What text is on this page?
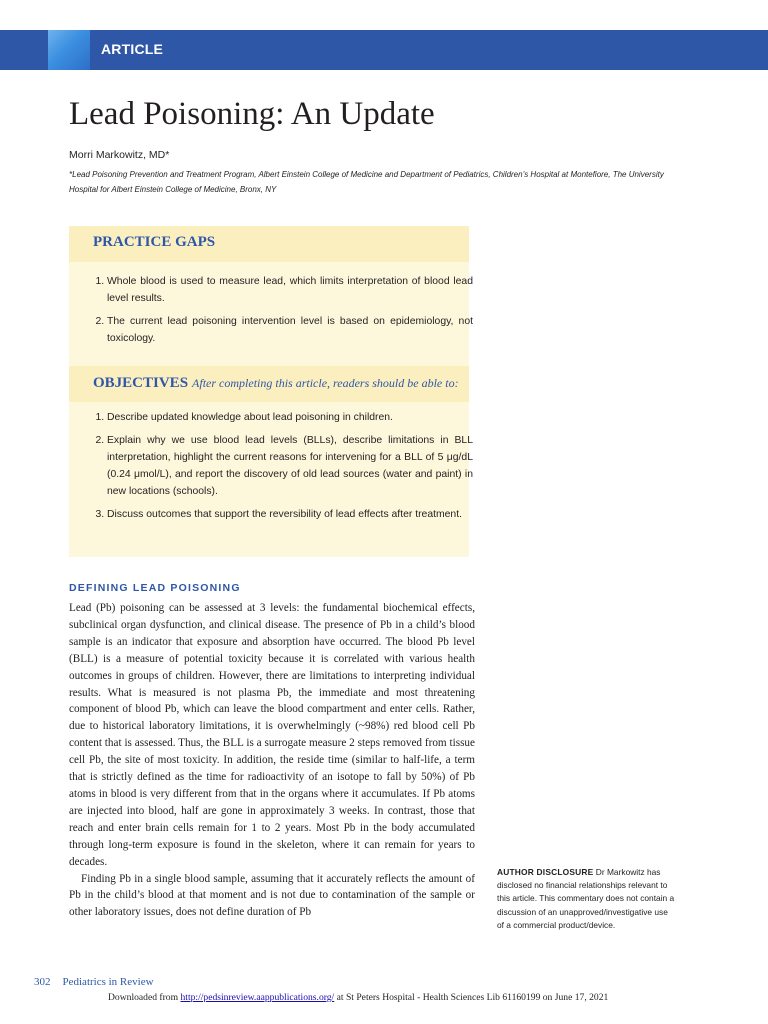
ARTICLE
Lead Poisoning: An Update
Morri Markowitz, MD*
*Lead Poisoning Prevention and Treatment Program, Albert Einstein College of Medicine and Department of Pediatrics, Children’s Hospital at Montefiore, The University Hospital for Albert Einstein College of Medicine, Bronx, NY
PRACTICE GAPS
1. Whole blood is used to measure lead, which limits interpretation of blood lead level results.
2. The current lead poisoning intervention level is based on epidemiology, not toxicology.
OBJECTIVES After completing this article, readers should be able to:
1. Describe updated knowledge about lead poisoning in children.
2. Explain why we use blood lead levels (BLLs), describe limitations in BLL interpretation, highlight the current reasons for intervening for a BLL of 5 μg/dL (0.24 μmol/L), and report the discovery of old lead sources (water and paint) in new locations (schools).
3. Discuss outcomes that support the reversibility of lead effects after treatment.
DEFINING LEAD POISONING

Lead (Pb) poisoning can be assessed at 3 levels: the fundamental biochemical effects, subclinical organ dysfunction, and clinical disease. The presence of Pb in a child’s blood sample is an indicator that exposure and absorption have occurred. The blood Pb level (BLL) is a measure of potential toxicity because it is correlated with various health outcomes in groups of children. However, there are limitations to interpreting individual results. What is measured is not plasma Pb, the immediate and most threatening component of blood Pb, which can leave the blood compartment and enter cells. Rather, due to historical laboratory limitations, it is overwhelmingly (~98%) red blood cell Pb content that is assessed. Thus, the BLL is a surrogate measure 2 steps removed from tissue cell Pb, the site of most toxicity. In addition, the reside time (similar to half-life, a term that is strictly defined as the time for radioactivity of an isotope to fall by 50%) of Pb atoms in blood is very different from that in the organs where it accumulates. If Pb atoms are injected into blood, half are gone in approximately 3 weeks. In contrast, those that reach and enter brain cells remain for 1 to 2 years. Most Pb in the body accumulated through long-term exposure is found in the skeleton, where it can remain for years to decades.

Finding Pb in a single blood sample, assuming that it accurately reflects the amount of Pb in the child’s blood at that moment and is not due to contamination of the sample or other laboratory issues, does not define duration of Pb

AUTHOR DISCLOSURE Dr Markowitz has disclosed no financial relationships relevant to this article. This commentary does not contain a discussion of an unapproved/investigative use of a commercial product/device.
302 Pediatrics in Review
Downloaded from http://pedsinreview.aappublications.org/ at St Peters Hospital - Health Sciences Lib 61160199 on June 17, 2021
